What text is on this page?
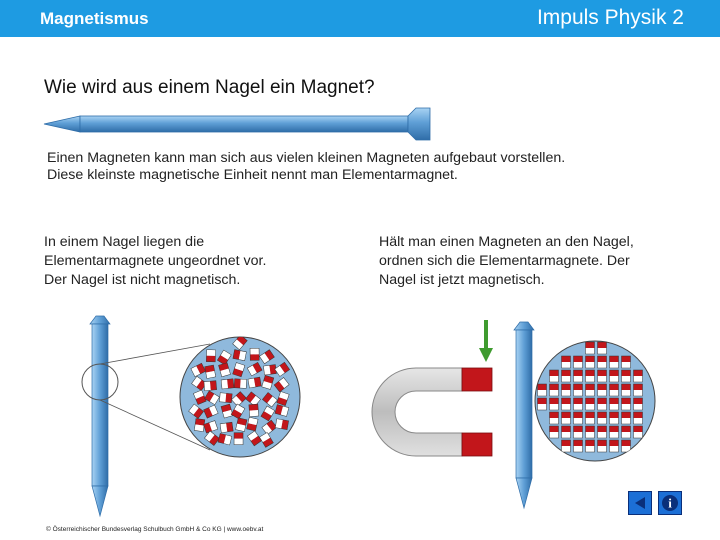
Magnetismus	Impuls Physik 2
Wie wird aus einem Nagel ein Magnet?
Einen Magneten kann man sich aus vielen kleinen Magneten aufgebaut vorstellen.
Diese kleinste magnetische Einheit nennt man Elementarmagnet.
In einem Nagel liegen die
Elementarmagnete ungeordnet vor.
Der Nagel ist nicht magnetisch.
Hält man einen Magneten an den Nagel,
ordnen sich die Elementarmagnete. Der
Nagel ist jetzt magnetisch.
© Österreichischer Bundesverlag Schulbuch GmbH & Co KG | www.oebv.at
i
